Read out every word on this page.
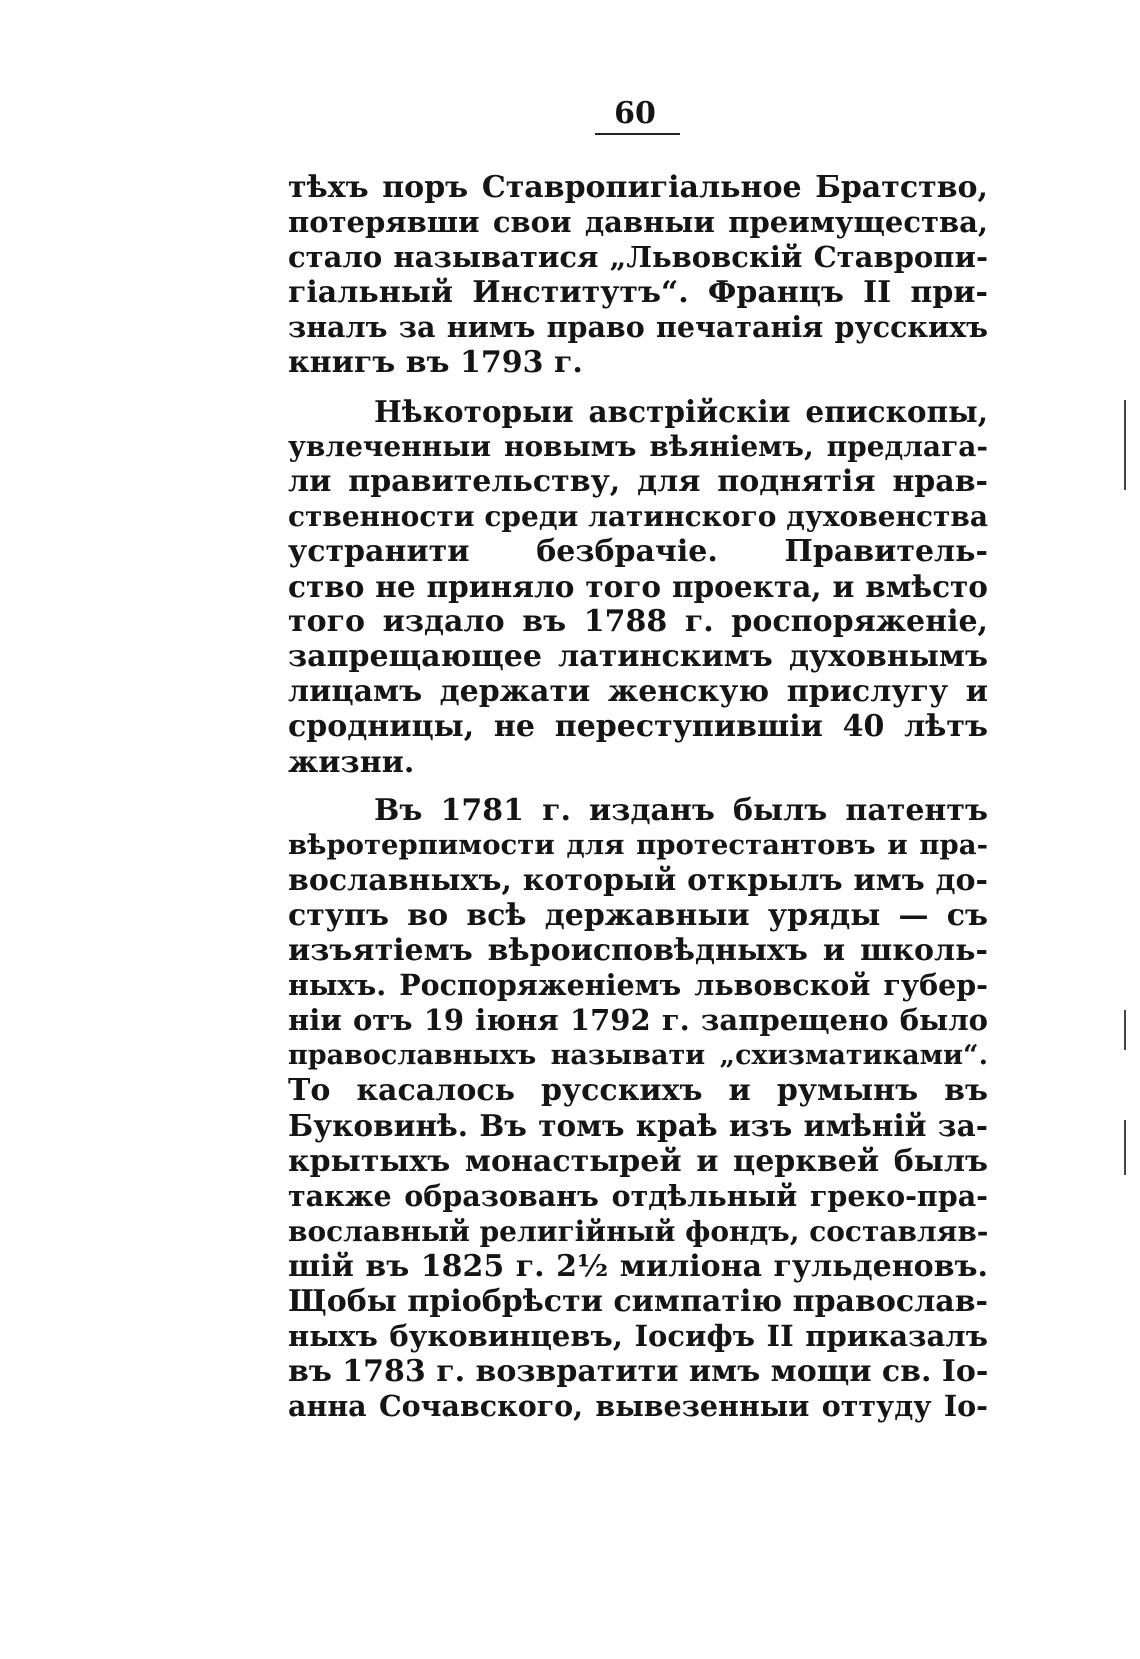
60
тѣхъ поръ Ставропигіальное Братство,
потерявши свои давныи преимущества,
стало называтися „Львовскій Ставропи-
гіальный Институтъ“. Францъ II при-
зналъ за нимъ право печатанія русскихъ
книгъ въ 1793 г.
Нѣкоторыи австрійскіи епископы,
увлеченныи новымъ вѣяніемъ, предлага-
ли правительству, для поднятія нрав-
ственности среди латинского духовенства
устранити безбрачіе. Правитель-
ство не приняло того проекта, и вмѣсто
того издало въ 1788 г. роспоряженіе,
запрещающее латинскимъ духовнымъ
лицамъ держати женскую прислугу и
сродницы, не переступившіи 40 лѣтъ
жизни.
Въ 1781 г. изданъ былъ патентъ
вѣротерпимости для протестантовъ и пра-
вославныхъ, который открылъ имъ до-
ступъ во всѣ державныи уряды — съ
изъятіемъ вѣроисповѣдныхъ и школь-
ныхъ. Роспоряженіемъ львовской губер-
ніи отъ 19 іюня 1792 г. запрещено было
православныхъ называти „схизматиками“.
То касалось русскихъ и румынъ въ
Буковинѣ. Въ томъ краѣ изъ имѣній за-
крытыхъ монастырей и церквей былъ
также образованъ отдѣльный греко-пра-
вославный религійный фондъ, составляв-
шій въ 1825 г. 2½ миліона гульденовъ.
Щобы пріобрѣсти симпатію православ-
ныхъ буковинцевъ, Іосифъ II приказалъ
въ 1783 г. возвратити имъ мощи св. Іо-
анна Сочавского, вывезенныи оттуду Іо-
